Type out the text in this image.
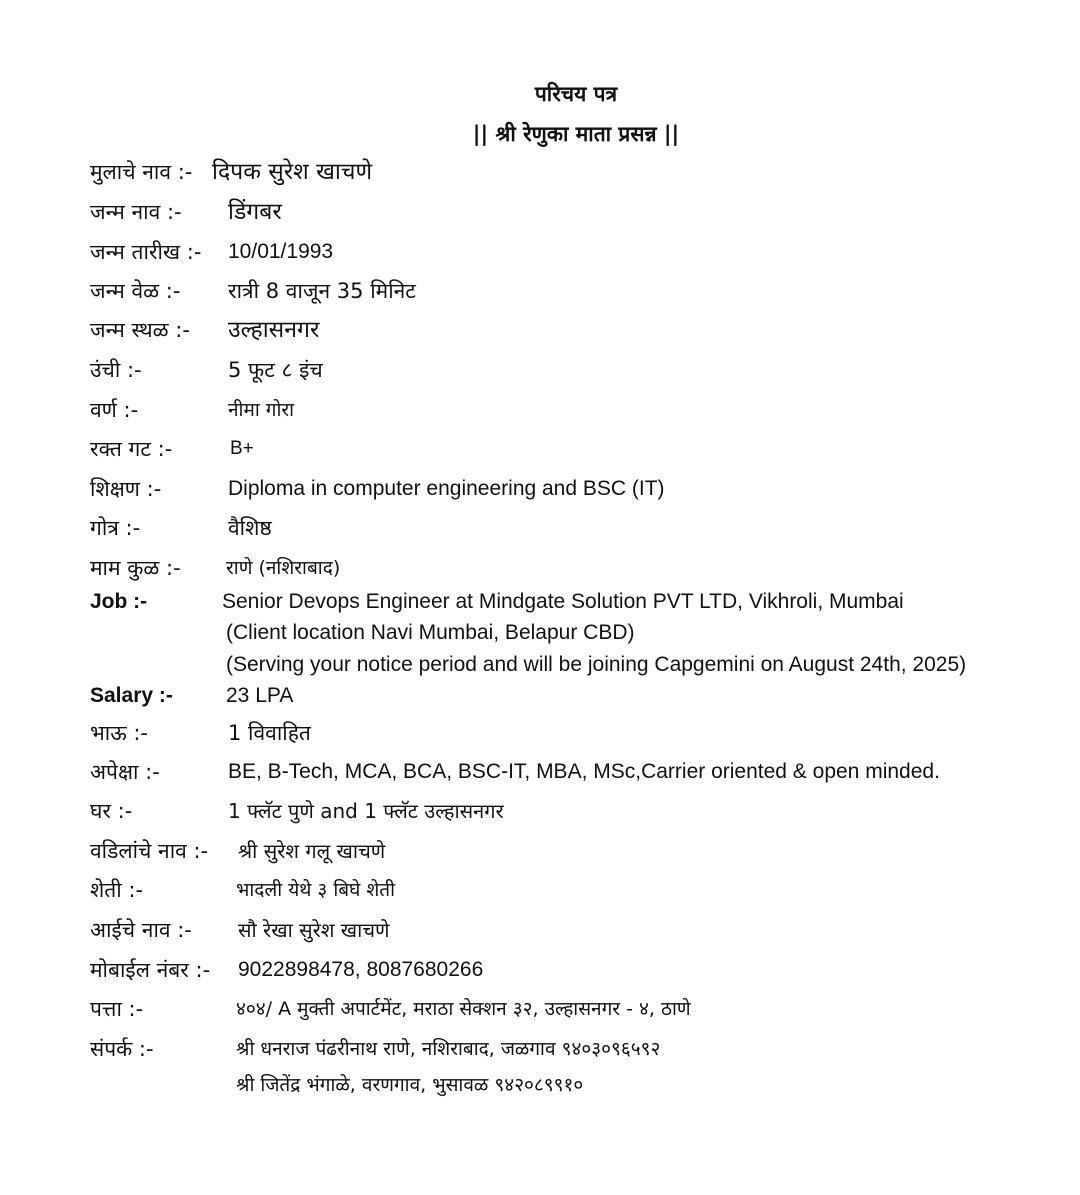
परिचय पत्र
|| श्री रेणुका माता प्रसन्न ||
मुलाचे नाव :- दिपक सुरेश खाचणे
जन्म नाव :- डिंगबर
जन्म तारीख :- 10/01/1993
जन्म वेळ :- रात्री 8 वाजून 35 मिनिट
जन्म स्थळ :- उल्हासनगर
उंची :-	5 फूट ८ इंच
वर्ण :-	नीमा गोरा
रक्त गट :-	B+
शिक्षण :-	Diploma in computer engineering and BSC (IT)
गोत्र :-	वैशिष्ठ
माम कुळ :- राणे (नशिराबाद)
Job :-	Senior Devops Engineer at Mindgate Solution PVT LTD, Vikhroli, Mumbai
(Client location Navi Mumbai, Belapur CBD)
(Serving your notice period and will be joining Capgemini on August 24th, 2025)
Salary :-	23 LPA
भाऊ :-	1 विवाहित
अपेक्षा :-	BE, B-Tech, MCA, BCA, BSC-IT, MBA, MSc,Carrier oriented & open minded.
घर :-	1 फ्लॅट पुणे and 1 फ्लॅट उल्हासनगर
वडिलांचे नाव :- श्री सुरेश गलू खाचणे
शेती :-	भादली येथे ३ बिघे शेती
आईचे नाव :- सौ रेखा सुरेश खाचणे
मोबाईल नंबर :- 9022898478, 8087680266
पत्ता :-	४०४/ A मुक्ती अपार्टमेंट, मराठा सेक्शन ३२, उल्हासनगर - ४, ठाणे
संपर्क :-	श्री धनराज पंढरीनाथ राणे, नशिराबाद, जळगाव ९४०३०९६५९२
श्री जितेंद्र भंगाळे, वरणगाव, भुसावळ ९४२०८९९१०
